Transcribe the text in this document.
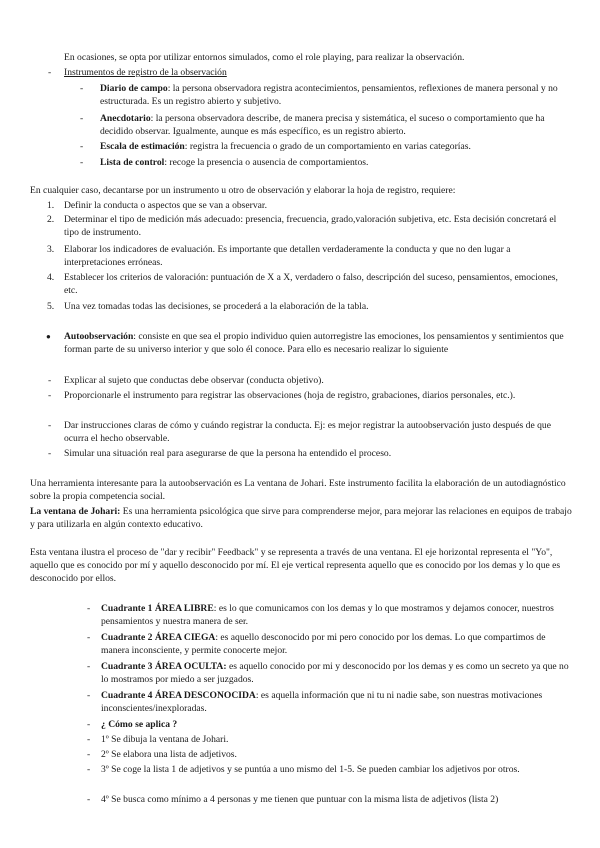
En ocasiones, se opta por utilizar entornos simulados, como el role playing, para realizar la observación.

- Instrumentos de registro de la observación
- Diario de campo: la persona observadora registra acontecimientos, pensamientos, reflexiones de manera personal y no estructurada. Es un registro abierto y subjetivo.
- Anecdotario: la persona observadora describe, de manera precisa y sistemática, el suceso o comportamiento que ha decidido observar. Igualmente, aunque es más específico, es un registro abierto.
- Escala de estimación: registra la frecuencia o grado de un comportamiento en varias categorías.
- Lista de control: recoge la presencia o ausencia de comportamientos.

En cualquier caso, decantarse por un instrumento u otro de observación y elaborar la hoja de registro, requiere:

1. Definir la conducta o aspectos que se van a observar.
2. Determinar el tipo de medición más adecuado: presencia, frecuencia, grado,valoración subjetiva, etc. Esta decisión concretará el tipo de instrumento.
3. Elaborar los indicadores de evaluación. Es importante que detallen verdaderamente la conducta y que no den lugar a interpretaciones erróneas.
4. Establecer los criterios de valoración: puntuación de X a X, verdadero o falso, descripción del suceso, pensamientos, emociones, etc.
5. Una vez tomadas todas las decisiones, se procederá a la elaboración de la tabla.
● Autoobservación: consiste en que sea el propio individuo quien autorregistre las emociones, los pensamientos y sentimientos que forman parte de su universo interior y que solo él conoce. Para ello es necesario realizar lo siguiente
- Explicar al sujeto que conductas debe observar (conducta objetivo).
- Proporcionarle el instrumento para registrar las observaciones (hoja de registro, grabaciones, diarios personales, etc.).
- Dar instrucciones claras de cómo y cuándo registrar la conducta. Ej: es mejor registrar la autoobservación justo después de que ocurra el hecho observable.
- Simular una situación real para asegurarse de que la persona ha entendido el proceso.

Una herramienta interesante para la autoobservación es La ventana de Johari. Este instrumento facilita la elaboración de un autodiagnóstico sobre la propia competencia social.

La ventana de Johari: Es una herramienta psicológica que sirve para comprenderse mejor, para mejorar las relaciones en equipos de trabajo y para utilizarla en algún contexto educativo.

Esta ventana ilustra el proceso de "dar y recibir" Feedback" y se representa a través de una ventana. El eje horizontal representa el "Yo", aquello que es conocido por mí y aquello desconocido por mí. El eje vertical representa aquello que es conocido por los demas y lo que es desconocido por ellos.

- Cuadrante 1 ÁREA LIBRE: es lo que comunicamos con los demas y lo que mostramos y dejamos conocer, nuestros pensamientos y nuestra manera de ser.
- Cuadrante 2 ÁREA CIEGA: es aquello desconocido por mi pero conocido por los demas. Lo que compartimos de manera inconsciente, y permite conocerte mejor.
- Cuadrante 3 ÁREA OCULTA: es aquello conocido por mi y desconocido por los demas y es como un secreto ya que no lo mostramos por miedo a ser juzgados.
- Cuadrante 4 ÁREA DESCONOCIDA: es aquella información que ni tu ni nadie sabe, son nuestras motivaciones inconscientes/inexploradas.
- ¿ Cómo se aplica ?
- 1º Se dibuja la ventana de Johari.
- 2º Se elabora una lista de adjetivos.
- 3º Se coge la lista 1 de adjetivos y se puntúa a uno mismo del 1-5. Se pueden cambiar los adjetivos por otros.
- 4º Se busca como mínimo a 4 personas y me tienen que puntuar con la misma lista de adjetivos (lista 2)
